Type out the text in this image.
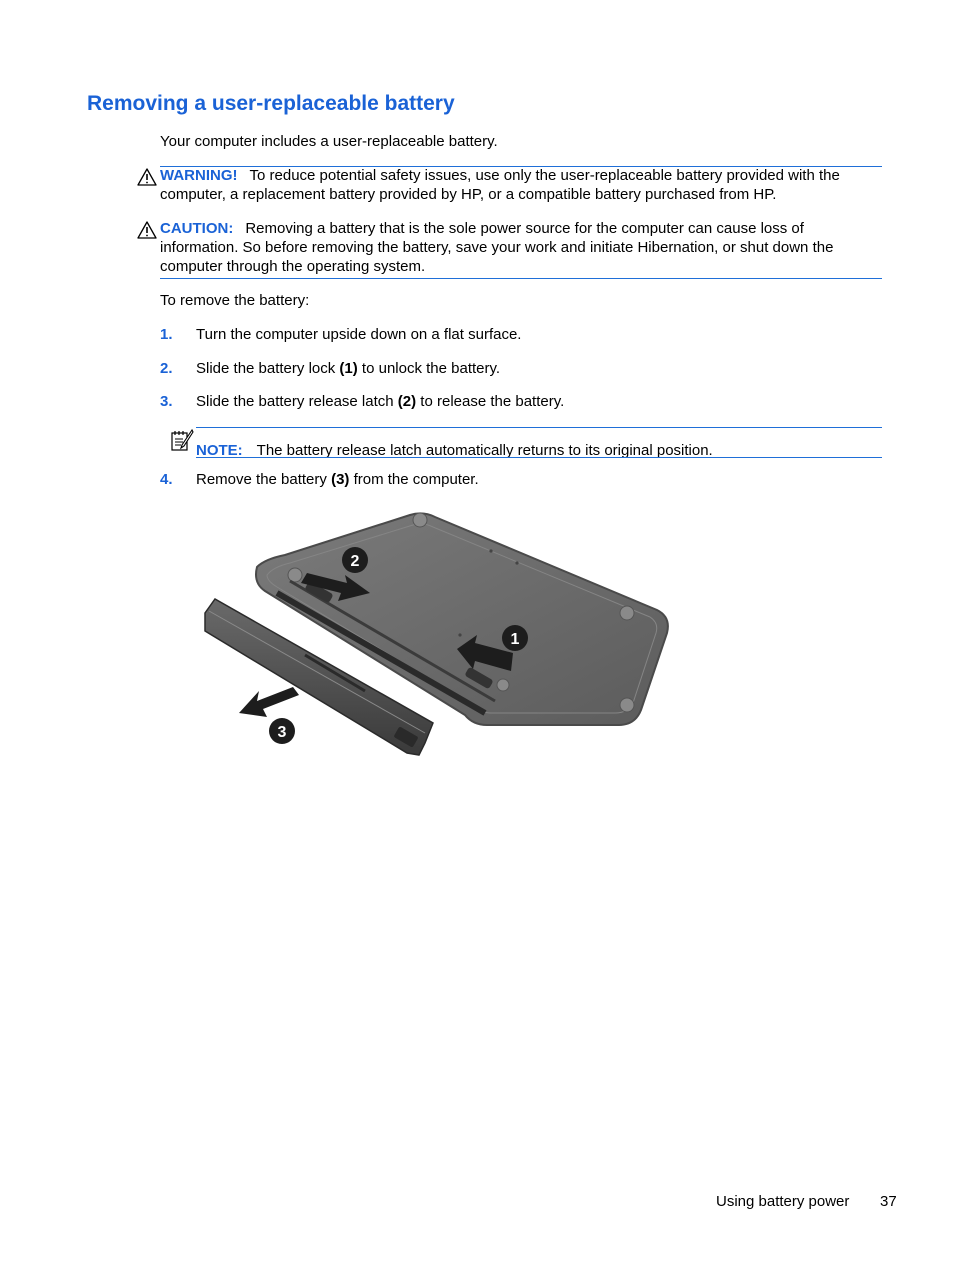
Removing a user-replaceable battery

Your computer includes a user-replaceable battery.

WARNING! To reduce potential safety issues, use only the user-replaceable battery provided with the computer, a replacement battery provided by HP, or a compatible battery purchased from HP.

CAUTION: Removing a battery that is the sole power source for the computer can cause loss of information. So before removing the battery, save your work and initiate Hibernation, or shut down the computer through the operating system.

To remove the battery:

1. Turn the computer upside down on a flat surface.
2. Slide the battery lock (1) to unlock the battery.
3. Slide the battery release latch (2) to release the battery.

NOTE: The battery release latch automatically returns to its original position.

4. Remove the battery (3) from the computer.
2
1
3
Using battery power 37
